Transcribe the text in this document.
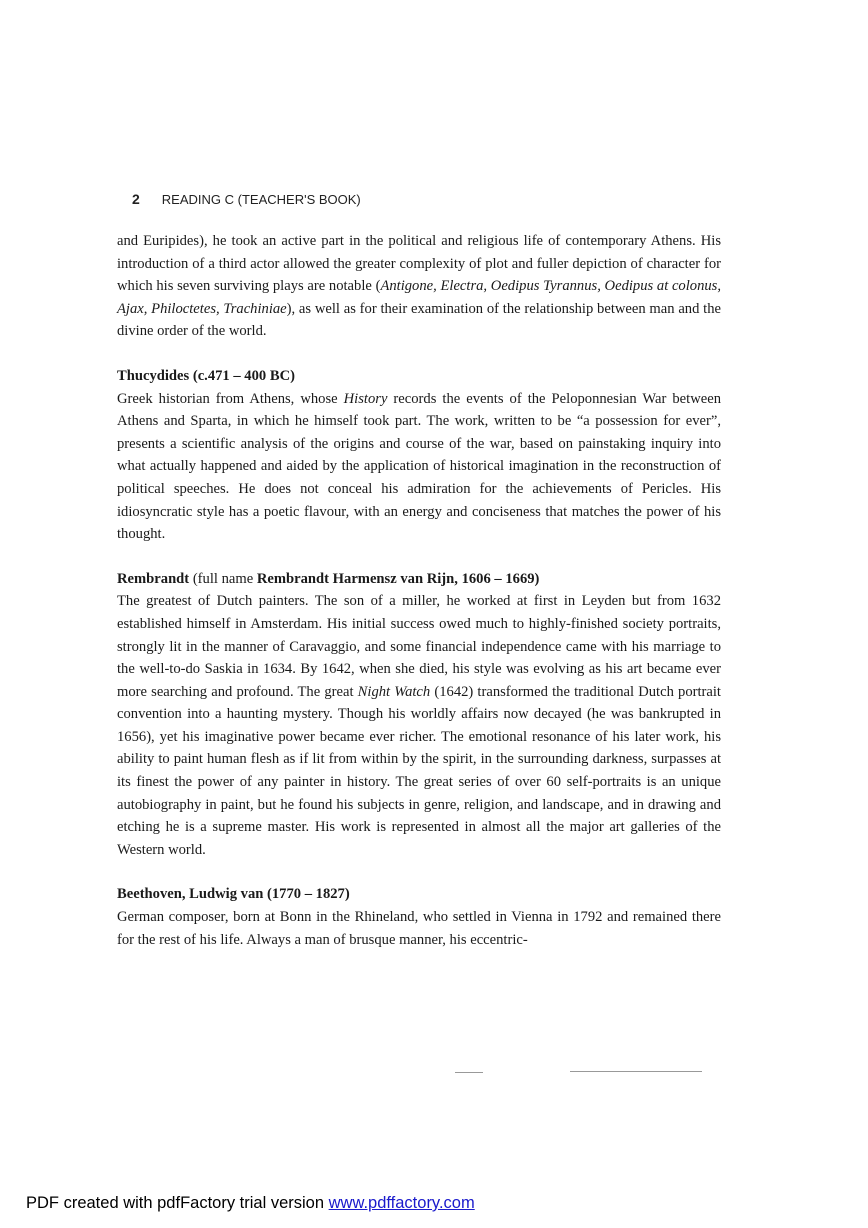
2 READING C (TEACHER'S BOOK)

and Euripides), he took an active part in the political and religious life of contemporary Athens. His introduction of a third actor allowed the greater complexity of plot and fuller depiction of character for which his seven surviving plays are notable (Antigone, Electra, Oedipus Tyrannus, Oedipus at colonus, Ajax, Philoctetes, Trachiniae), as well as for their examination of the relationship between man and the divine order of the world.

Thucydides (c.471 – 400 BC)

Greek historian from Athens, whose History records the events of the Peloponnesian War between Athens and Sparta, in which he himself took part. The work, written to be “a possession for ever”, presents a scientific analysis of the origins and course of the war, based on painstaking inquiry into what actually happened and aided by the application of historical imagination in the reconstruction of political speeches. He does not conceal his admiration for the achievements of Pericles. His idiosyncratic style has a poetic flavour, with an energy and conciseness that matches the power of his thought.

Rembrandt (full name Rembrandt Harmensz van Rijn, 1606 – 1669)

The greatest of Dutch painters. The son of a miller, he worked at first in Leyden but from 1632 established himself in Amsterdam. His initial success owed much to highly-finished society portraits, strongly lit in the manner of Caravaggio, and some financial independence came with his marriage to the well-to-do Saskia in 1634. By 1642, when she died, his style was evolving as his art became ever more searching and profound. The great Night Watch (1642) transformed the traditional Dutch portrait convention into a haunting mystery. Though his worldly affairs now decayed (he was bankrupted in 1656), yet his imaginative power became ever richer. The emotional resonance of his later work, his ability to paint human flesh as if lit from within by the spirit, in the surrounding darkness, surpasses at its finest the power of any painter in history. The great series of over 60 self-portraits is an unique autobiography in paint, but he found his subjects in genre, religion, and landscape, and in drawing and etching he is a supreme master. His work is represented in almost all the major art galleries of the Western world.

Beethoven, Ludwig van (1770 – 1827)

German composer, born at Bonn in the Rhineland, who settled in Vienna in 1792 and remained there for the rest of his life. Always a man of brusque manner, his eccentric-

PDF created with pdfFactory trial version www.pdffactory.com
